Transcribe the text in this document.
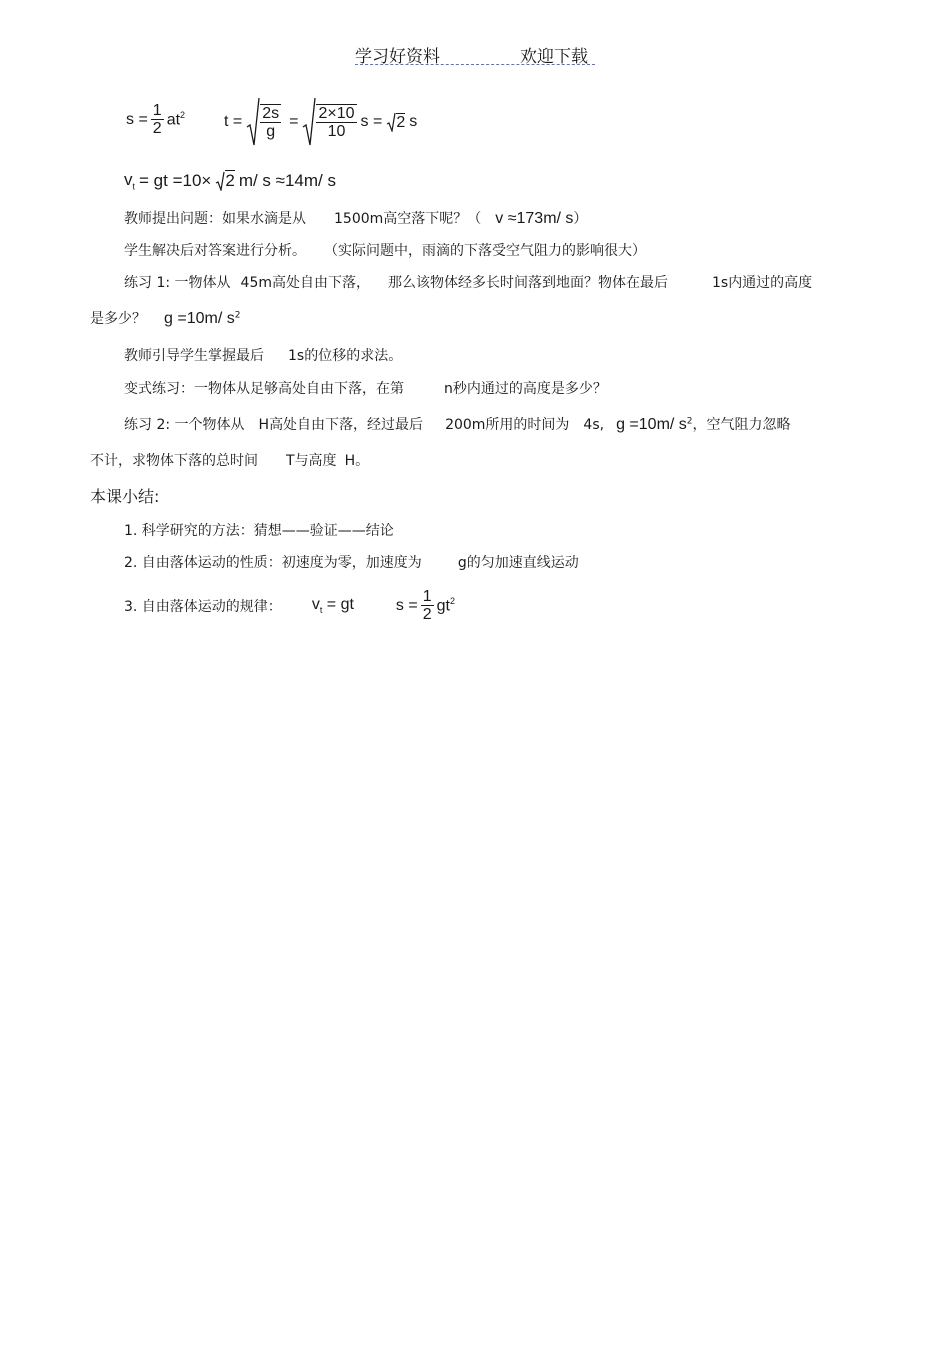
学习好资料	欢迎下载
$s = \frac{1}{2} at^2$ $t = \frac{2s}{g} = \frac{2\times 10}{10}$ s = 2 s
$v_t$ = gt =10× 2 m/ s ≈14m/ s
教师提出问题：如果水滴是从 1500m高空落下呢？（ v ≈173m/ s）
学生解决后对答案进行分析。 （实际问题中，雨滴的下落受空气阻力的影响很大）
练习 1: 一物体从 45m高处自由下落， 那么该物体经多长时间落到地面？物体在最后	1s内通过的高度
是多少？ g =10m/ $s^2$
教师引导学生掌握最后 1s的位移的求法。
变式练习：一物体从足够高处自由下落，在第	n秒内通过的高度是多少？
练习 2: 一个物体从 H高处自由下落，经过最后 200m所用的时间为 4s, g =10m/ $s^2$，空气阻力忽略
不计，求物体下落的总时间 T与高度 H。
本课小结:
1. 科学研究的方法：猜想——验证——结论
2. 自由落体运动的性质：初速度为零，加速度为	g的匀加速直线运动
3. 自由落体运动的规律： $v_t$ = gt	$s = \frac{1}{2} gt^2$
